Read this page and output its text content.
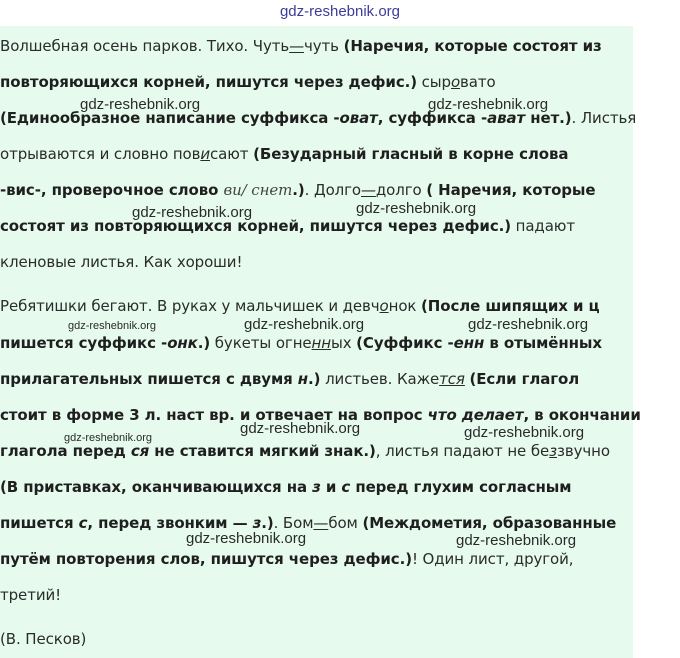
gdz-reshebnik.org
Волшебная осень парков. Тихо. Чуть—чуть (Наречия, которые состоят из
повторяющихся корней, пишутся через дефис.) сыровато
(Единообразное написание суффикса -оват, суффикса -ават нет.). Листья
отрываются и словно повисают (Безударный гласный в корне слова
-вис-, проверочное слово ви/ снет.). Долго—долго ( Наречия, которые
состоят из повторяющихся корней, пишутся через дефис.) падают
кленовые листья. Как хороши!
Ребятишки бегают. В руках у мальчишек и девчонок (После шипящих и ц
пишется суффикс -онк.) букеты огненных (Суффикс -енн в отымённых
прилагательных пишется с двумя н.) листьев. Кажется (Если глагол
стоит в форме 3 л. наст вр. и отвечает на вопрос что делает, в окончании
глагола перед ся не ставится мягкий знак.), листья падают не беззвучно
(В приставках, оканчивающихся на з и с перед глухим согласным
пишется с, перед звонким — з.). Бом—бом (Междометия, образованные
путём повторения слов, пишутся через дефис.)! Один лист, другой,
третий!
(В. Песков)
gdz-reshebnik.org	gdz-reshebnik.org
gdz-reshebnik.org	gdz-reshebnik.org
gdz-reshebnik.org	gdz-reshebnik.org	gdz-reshebnik.org
gdz-reshebnik.org
gdz-reshebnik.org	gdz-reshebnik.org
gdz-reshebnik.org	gdz-reshebnik.org
